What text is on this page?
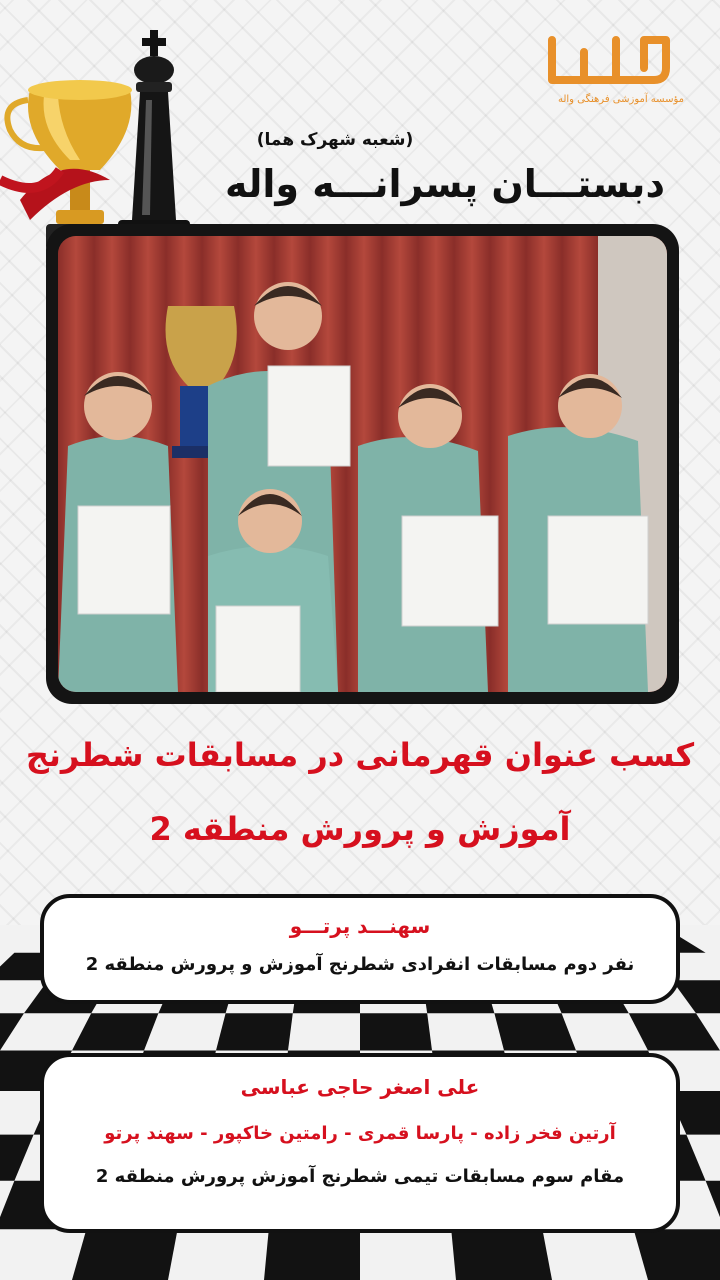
مؤسسه آموزشی فرهنگی واله
(شعبه شهرک هما)
دبستـــان پسرانـــه واله
کسب عنوان قهرمانی در مسابقات شطرنج
آموزش و پرورش منطقه 2
سهنـــد پرتـــو
نفر دوم مسابقات انفرادی شطرنج آموزش و پرورش منطقه 2
علی اصغر حاجی عباسی
آرتین فخر زاده - پارسا قمری - رامتین خاکپور - سهند پرتو
مقام سوم مسابقات تیمی شطرنج آموزش پرورش منطقه 2
